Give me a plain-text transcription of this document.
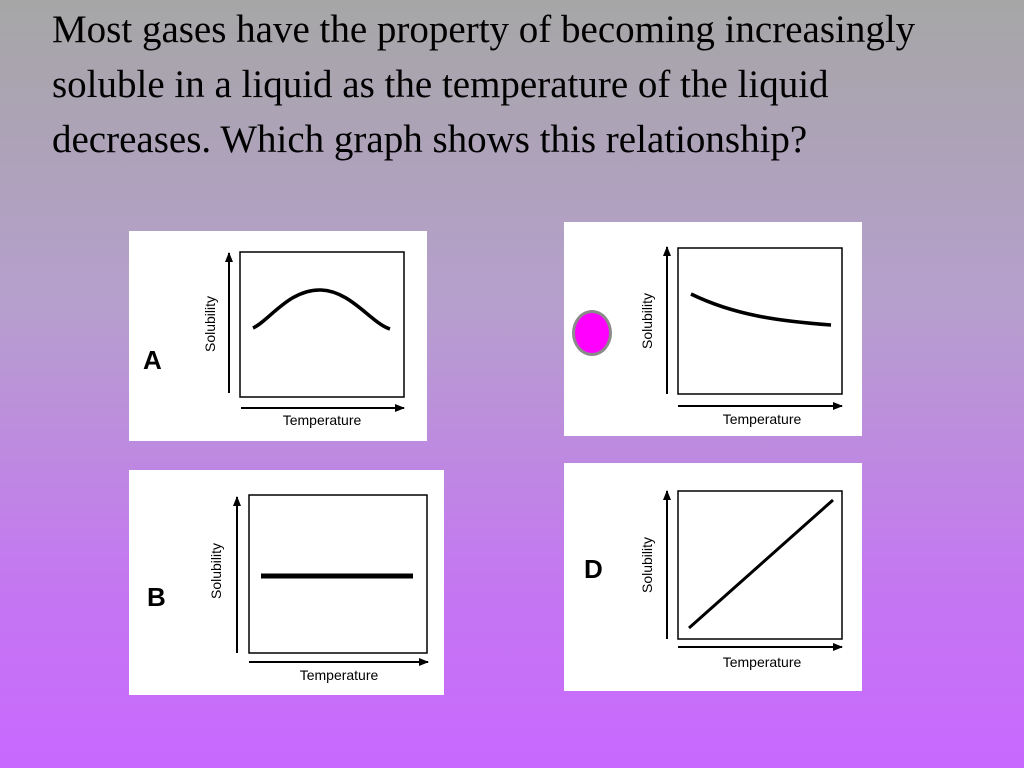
Most gases have the property of becoming increasingly soluble in a liquid as the temperature of the liquid decreases. Which graph shows this relationship?

A
Solubility
Temperature
B	Solubility
Temperature
Solubility
Temperature
D	Solubility
Temperature
